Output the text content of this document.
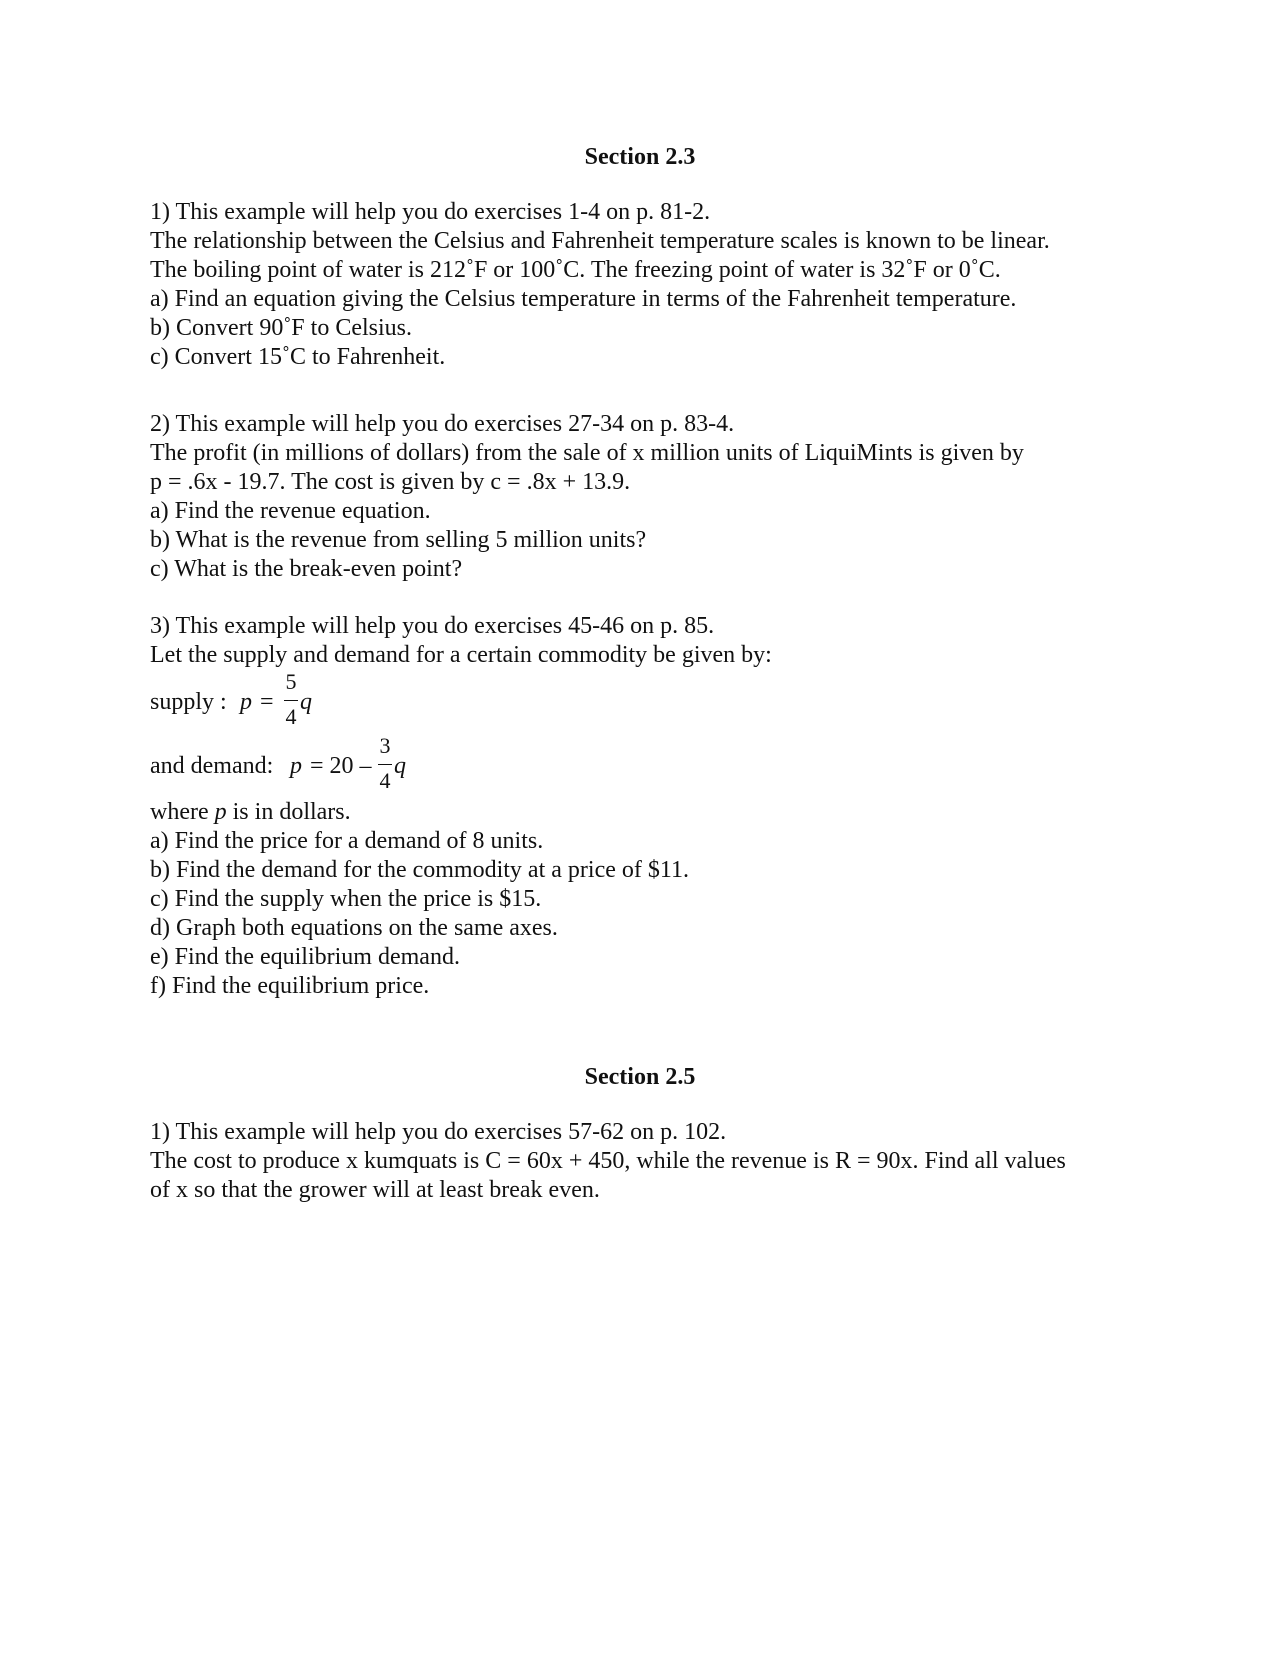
Section 2.3
1) This example will help you do exercises 1-4 on p. 81-2.
The relationship between the Celsius and Fahrenheit temperature scales is known to be linear.
The boiling point of water is 212˚F or 100˚C. The freezing point of water is 32˚F or 0˚C.
a) Find an equation giving the Celsius temperature in terms of the Fahrenheit temperature.
b) Convert 90˚F to Celsius.
c) Convert 15˚C to Fahrenheit.
2) This example will help you do exercises 27-34 on p. 83-4.
The profit (in millions of dollars) from the sale of x million units of LiquiMints is given by
p = .6x - 19.7. The cost is given by c = .8x + 13.9.
a) Find the revenue equation.
b) What is the revenue from selling 5 million units?
c) What is the break-even point?
3) This example will help you do exercises 45-46 on p. 85.
Let the supply and demand for a certain commodity be given by:
supply : p =
5
4
q
and demand: p = 20 –
3
4
q
where p is in dollars.
a) Find the price for a demand of 8 units.
b) Find the demand for the commodity at a price of $11.
c) Find the supply when the price is $15.
d) Graph both equations on the same axes.
e) Find the equilibrium demand.
f) Find the equilibrium price.
Section 2.5
1) This example will help you do exercises 57-62 on p. 102.
The cost to produce x kumquats is C = 60x + 450, while the revenue is R = 90x. Find all values
of x so that the grower will at least break even.
